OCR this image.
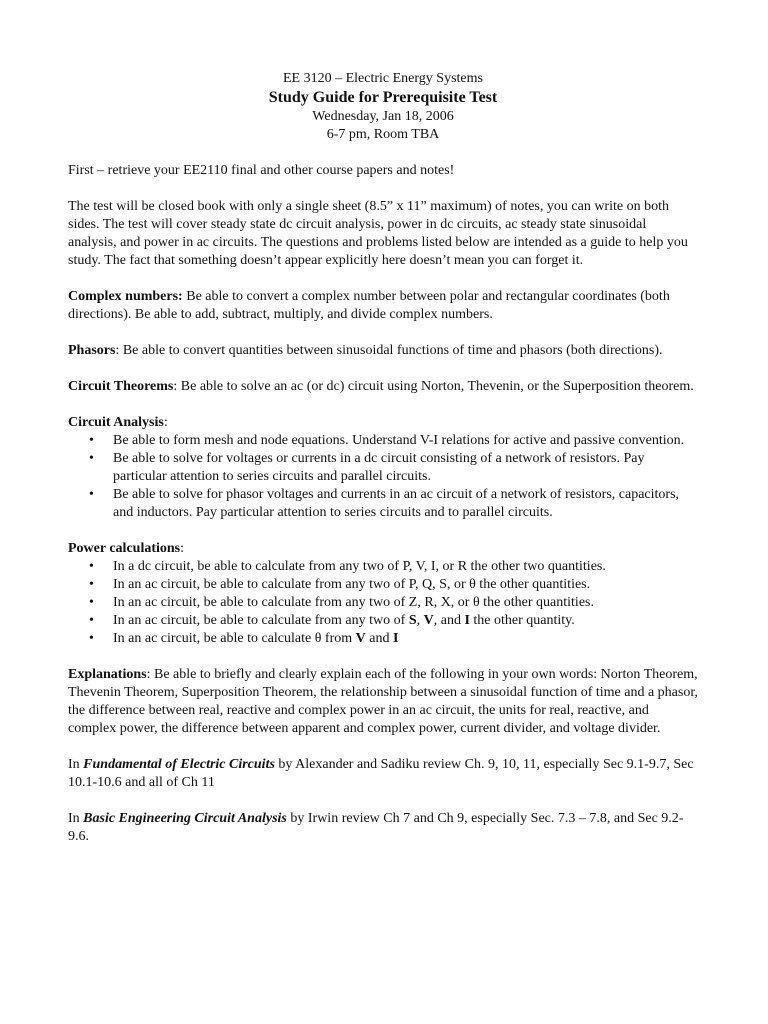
EE 3120 – Electric Energy Systems
Study Guide for Prerequisite Test
Wednesday, Jan 18, 2006
6-7 pm, Room TBA

First – retrieve your EE2110 final and other course papers and notes!

The test will be closed book with only a single sheet (8.5” x 11” maximum) of notes, you can write on both sides. The test will cover steady state dc circuit analysis, power in dc circuits, ac steady state sinusoidal analysis, and power in ac circuits. The questions and problems listed below are intended as a guide to help you study. The fact that something doesn’t appear explicitly here doesn’t mean you can forget it.

Complex numbers: Be able to convert a complex number between polar and rectangular coordinates (both directions). Be able to add, subtract, multiply, and divide complex numbers.

Phasors: Be able to convert quantities between sinusoidal functions of time and phasors (both directions).

Circuit Theorems: Be able to solve an ac (or dc) circuit using Norton, Thevenin, or the Superposition theorem.

Circuit Analysis:
• Be able to form mesh and node equations. Understand V-I relations for active and passive convention.
• Be able to solve for voltages or currents in a dc circuit consisting of a network of resistors. Pay particular attention to series circuits and parallel circuits.
• Be able to solve for phasor voltages and currents in an ac circuit of a network of resistors, capacitors, and inductors. Pay particular attention to series circuits and to parallel circuits.
Power calculations:
• In a dc circuit, be able to calculate from any two of P, V, I, or R the other two quantities.
• In an ac circuit, be able to calculate from any two of P, Q, S, or θ the other quantities.
• In an ac circuit, be able to calculate from any two of Z, R, X, or θ the other quantities.
• In an ac circuit, be able to calculate from any two of S, V, and I the other quantity.
• In an ac circuit, be able to calculate θ from V and I

Explanations: Be able to briefly and clearly explain each of the following in your own words: Norton Theorem, Thevenin Theorem, Superposition Theorem, the relationship between a sinusoidal function of time and a phasor, the difference between real, reactive and complex power in an ac circuit, the units for real, reactive, and complex power, the difference between apparent and complex power, current divider, and voltage divider.

In Fundamental of Electric Circuits by Alexander and Sadiku review Ch. 9, 10, 11, especially Sec 9.1-9.7, Sec 10.1-10.6 and all of Ch 11

In Basic Engineering Circuit Analysis by Irwin review Ch 7 and Ch 9, especially Sec. 7.3 – 7.8, and Sec 9.2-9.6.
